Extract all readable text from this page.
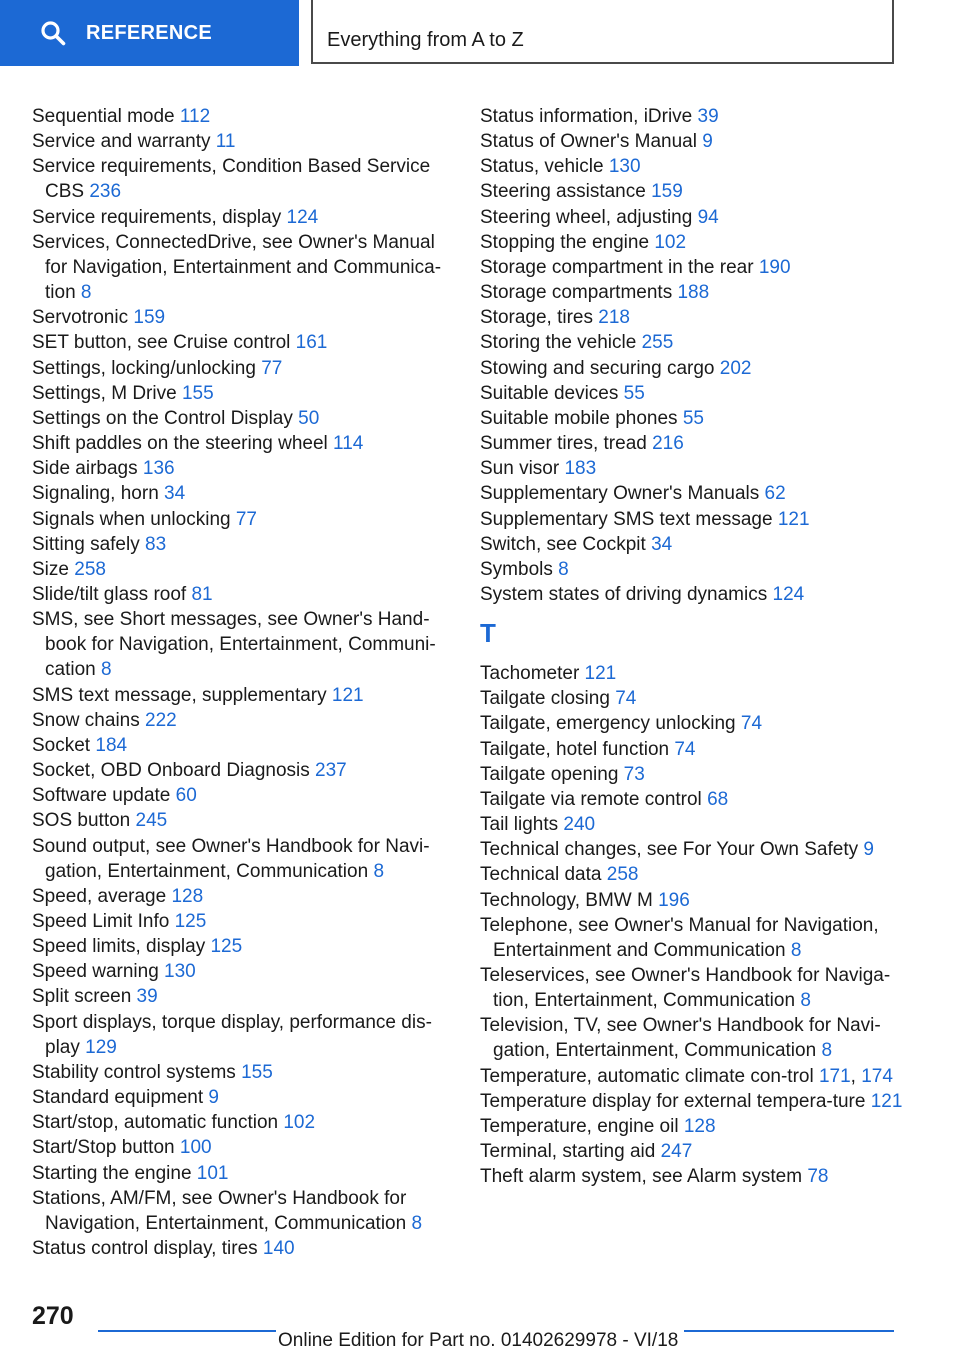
REFERENCE	Everything from A to Z

Sequential mode 112

Service and warranty 11

Service requirements, Condition Based Service CBS 236

Service requirements, display 124

Services, ConnectedDrive, see Owner's Manual for Navigation, Entertainment and Communica-tion 8

Servotronic 159

SET button, see Cruise control 161

Settings, locking/unlocking 77

Settings, M Drive 155

Settings on the Control Display 50

Shift paddles on the steering wheel 114

Side airbags 136

Signaling, horn 34

Signals when unlocking 77

Sitting safely 83

Size 258

Slide/tilt glass roof 81

SMS, see Short messages, see Owner's Hand-book for Navigation, Entertainment, Communi-cation 8

SMS text message, supplementary 121

Snow chains 222

Socket 184

Socket, OBD Onboard Diagnosis 237

Software update 60

SOS button 245

Sound output, see Owner's Handbook for Navi-gation, Entertainment, Communication 8

Speed, average 128

Speed Limit Info 125

Speed limits, display 125

Speed warning 130

Split screen 39

Sport displays, torque display, performance dis-play 129

Stability control systems 155

Standard equipment 9

Start/stop, automatic function 102

Start/Stop button 100

Starting the engine 101

Stations, AM/FM, see Owner's Handbook for Navigation, Entertainment, Communication 8

Status control display, tires 140

Status information, iDrive 39

Status of Owner's Manual 9

Status, vehicle 130

Steering assistance 159

Steering wheel, adjusting 94

Stopping the engine 102

Storage compartment in the rear 190

Storage compartments 188

Storage, tires 218

Storing the vehicle 255

Stowing and securing cargo 202

Suitable devices 55

Suitable mobile phones 55

Summer tires, tread 216

Sun visor 183

Supplementary Owner's Manuals 62

Supplementary SMS text message 121

Switch, see Cockpit 34

Symbols 8

System states of driving dynamics 124

T

Tachometer 121

Tailgate closing 74

Tailgate, emergency unlocking 74

Tailgate, hotel function 74

Tailgate opening 73

Tailgate via remote control 68

Tail lights 240

Technical changes, see For Your Own Safety 9

Technical data 258

Technology, BMW M 196

Telephone, see Owner's Manual for Navigation, Entertainment and Communication 8

Teleservices, see Owner's Handbook for Naviga-tion, Entertainment, Communication 8

Television, TV, see Owner's Handbook for Navi-gation, Entertainment, Communication 8

Temperature, automatic climate con-trol 171, 174

Temperature display for external tempera-ture 121

Temperature, engine oil 128

Terminal, starting aid 247

Theft alarm system, see Alarm system 78

270
Online Edition for Part no. 01402629978 - VI/18
